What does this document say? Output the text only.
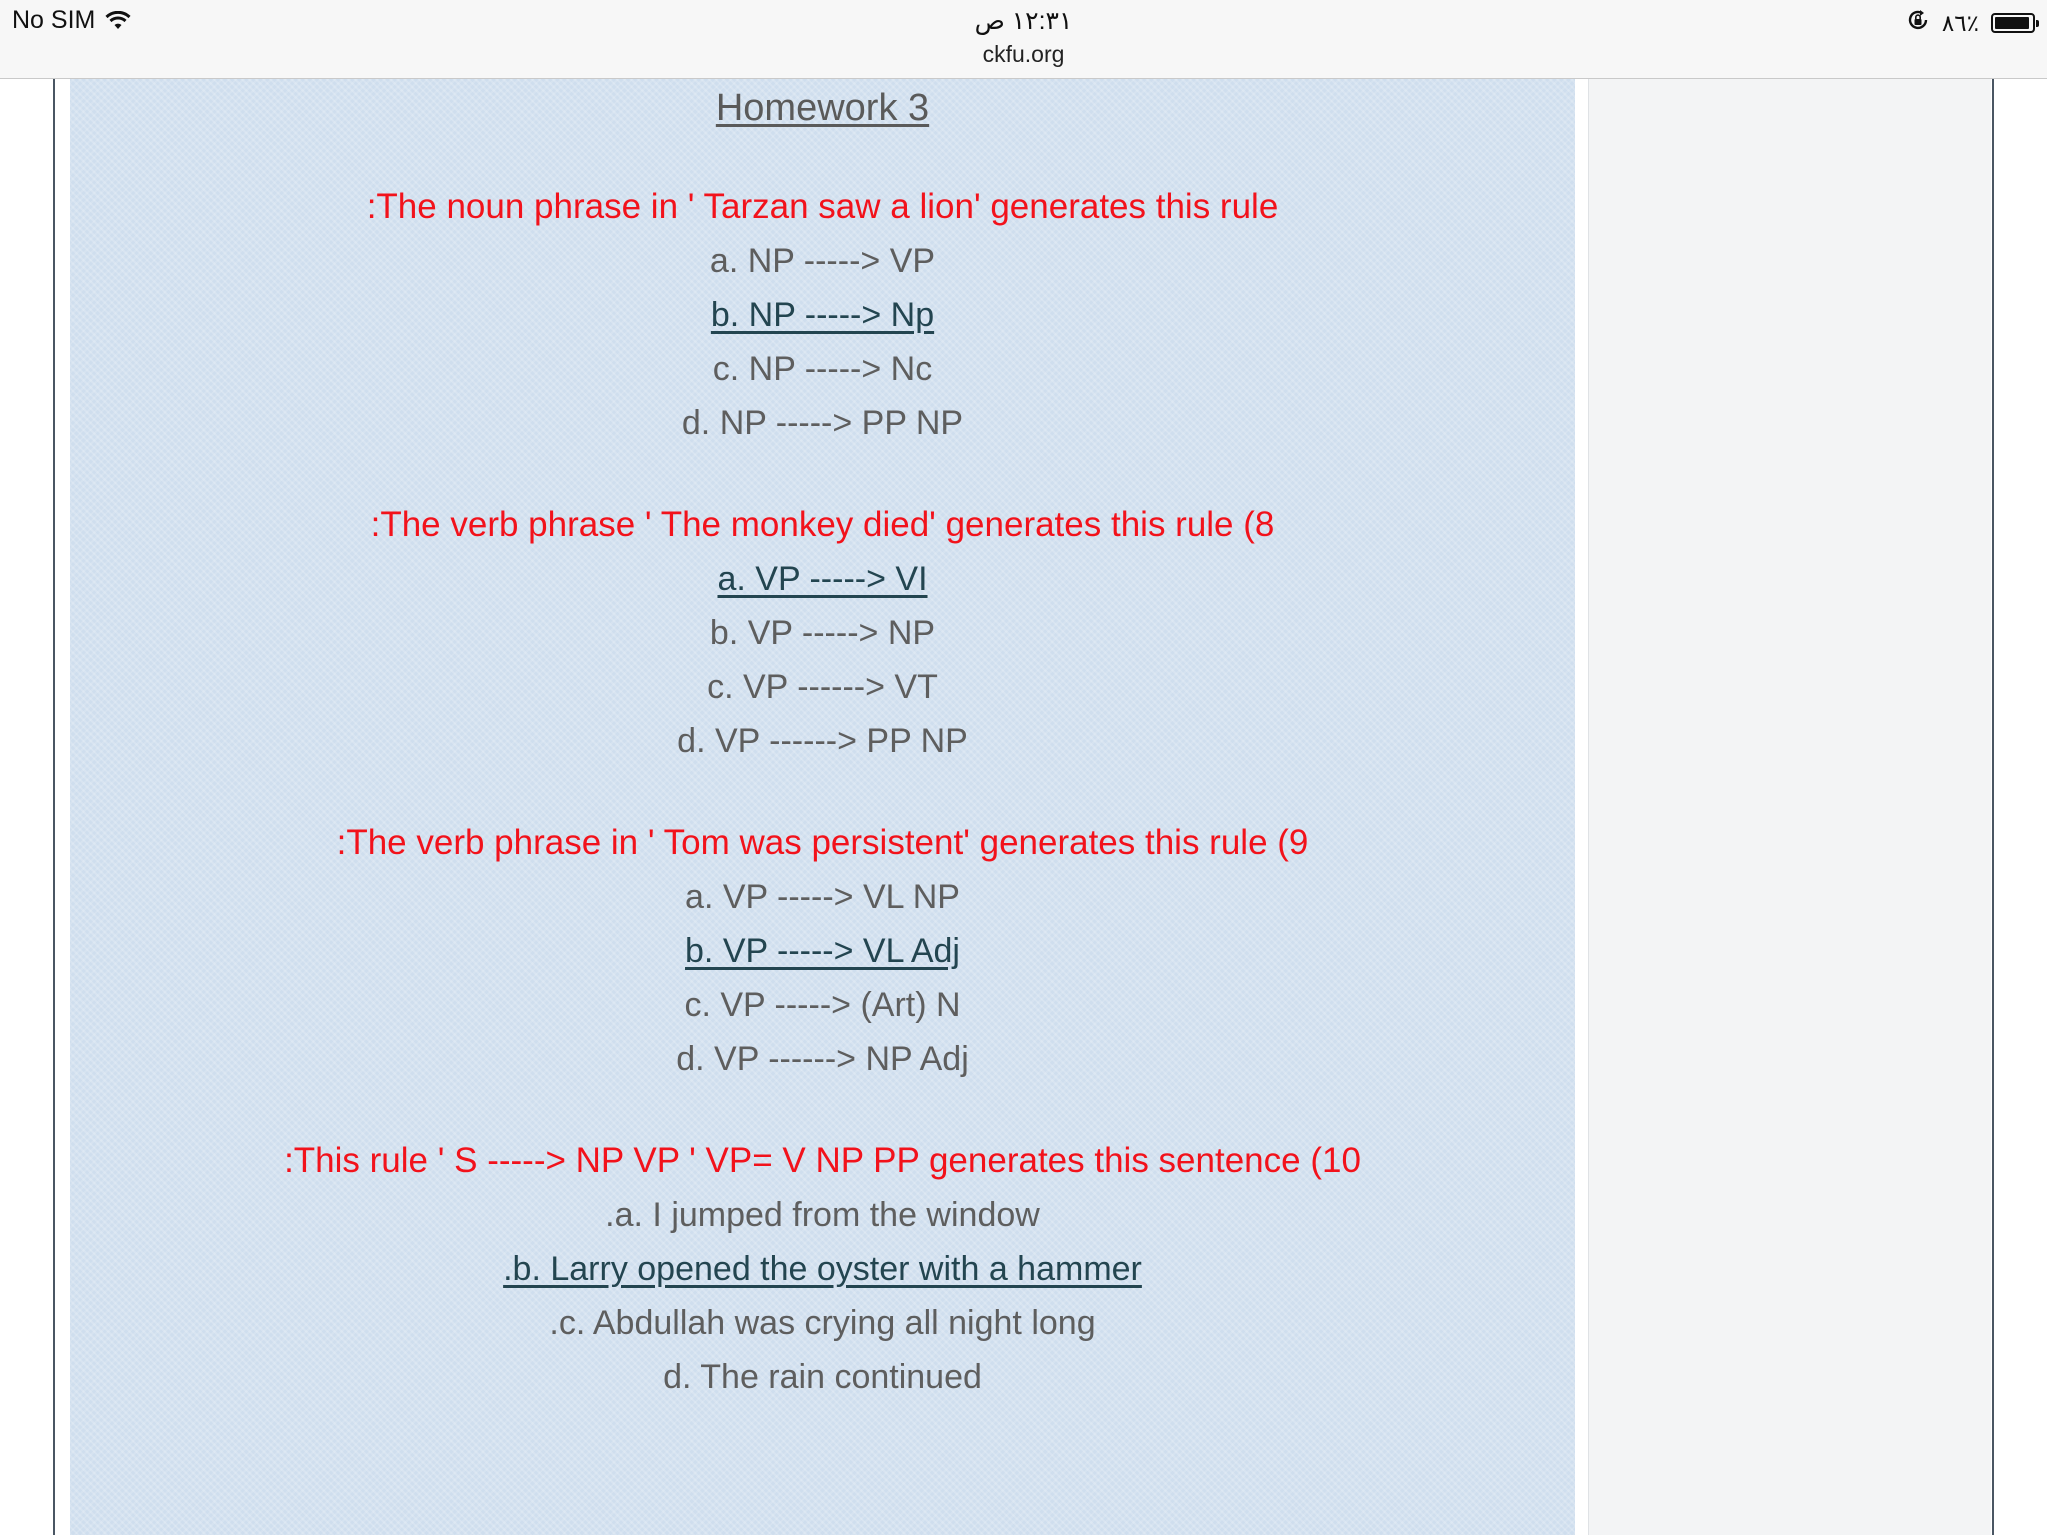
No SIM	١٢:٣١ ص
ckfu.org
٨٦٪
Homework 3
:The noun phrase in ' Tarzan saw a lion' generates this rule
a. NP -----> VP
b. NP -----> Np
c. NP -----> Nc
d. NP -----> PP NP
:The verb phrase ' The monkey died' generates this rule (8
a. VP -----> VI
b. VP -----> NP
c. VP ------> VT
d. VP ------> PP NP
:The verb phrase in ' Tom was persistent' generates this rule (9
a. VP -----> VL NP
b. VP -----> VL Adj
c. VP -----> (Art) N
d. VP ------> NP Adj
:This rule ' S -----> NP VP ' VP= V NP PP generates this sentence (10
.a. I jumped from the window
.b. Larry opened the oyster with a hammer
.c. Abdullah was crying all night long
d. The rain continued
